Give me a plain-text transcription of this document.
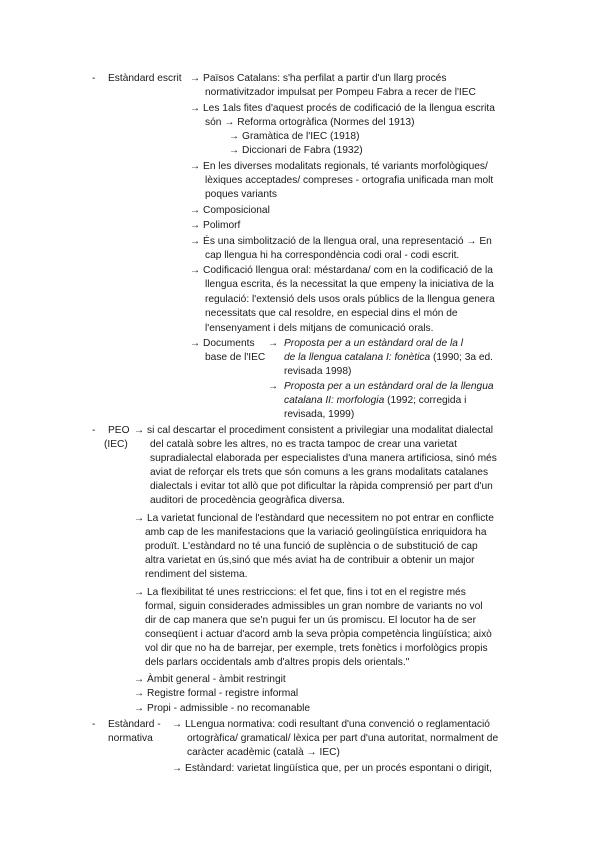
- Estàndard escrit → Països Catalans: s'ha perfilat a partir d'un llarg procés
normativitzador impulsat per Pompeu Fabra a recer de l'IEC
→ Les 1als fites d'aquest procés de codificació de la llengua escrita
són → Reforma ortogràfica (Normes del 1913)
→ Gramàtica de l'IEC (1918)
→ Diccionari de Fabra (1932)
→ En les diverses modalitats regionals, té variants morfològiques/
lèxiques acceptades/ compreses - ortografia unificada man molt
poques variants
→ Composicional
→ Polimorf
→ És una simbolització de la llengua oral, una representació → En
cap llengua hi ha correspondència codi oral - codi escrit.
→ Codificació llengua oral: méstardana/ com en la codificació de la
llengua escrita, és la necessitat la que empeny la iniciativa de la
regulació: l'extensió dels usos orals públics de la llengua genera
necessitats que cal resoldre, en especial dins el món de
l'ensenyament i dels mitjans de comunicació orals.
→ Documents
base de l'IEC
→ Proposta per a un estàndard oral de la l
de la llengua catalana I: fonètica (1990; 3a ed.
revisada 1998)
→ Proposta per a un estàndard oral de la llengua
catalana II: morfologia (1992; corregida i
revisada, 1999)
- PEO
(IEC)
→ si cal descartar el procediment consistent a privilegiar una modalitat dialectal
del català sobre les altres, no es tracta tampoc de crear una varietat
supradialectal elaborada per especialistes d'una manera artificiosa, sinó més
aviat de reforçar els trets que són comuns a les grans modalitats catalanes
dialectals i evitar tot allò que pot dificultar la ràpida comprensió per part d'un
auditori de procedència geogràfica diversa.
→ La varietat funcional de l'estàndard que necessitem no pot entrar en conflicte
amb cap de les manifestacions que la variació geolingüística enriquidora ha
produït. L'estàndard no té una funció de suplència o de substitució de cap
altra varietat en ús,sinó que més aviat ha de contribuir a obtenir un major
rendiment del sistema.
→ La flexibilitat té unes restriccions: el fet que, fins i tot en el registre més
formal, siguin considerades admissibles un gran nombre de variants no vol
dir de cap manera que se'n pugui fer un ús promiscu. El locutor ha de ser
conseqüent i actuar d'acord amb la seva pròpia competència lingüística; això
vol dir que no ha de barrejar, per exemple, trets fonètics i morfològics propis
dels parlars occidentals amb d'altres propis dels orientals."
→ Àmbit general - àmbit restringit
→ Registre formal - registre informal
→ Propi - admissible - no recomanable
- Estàndard -
normativa
→ LLengua normativa: codi resultant d'una convenció o reglamentació
ortogràfica/ gramatical/ lèxica per part d'una autoritat, normalment de
caràcter acadèmic (català → IEC)
→ Estàndard: varietat lingüística que, per un procés espontani o dirigit,
